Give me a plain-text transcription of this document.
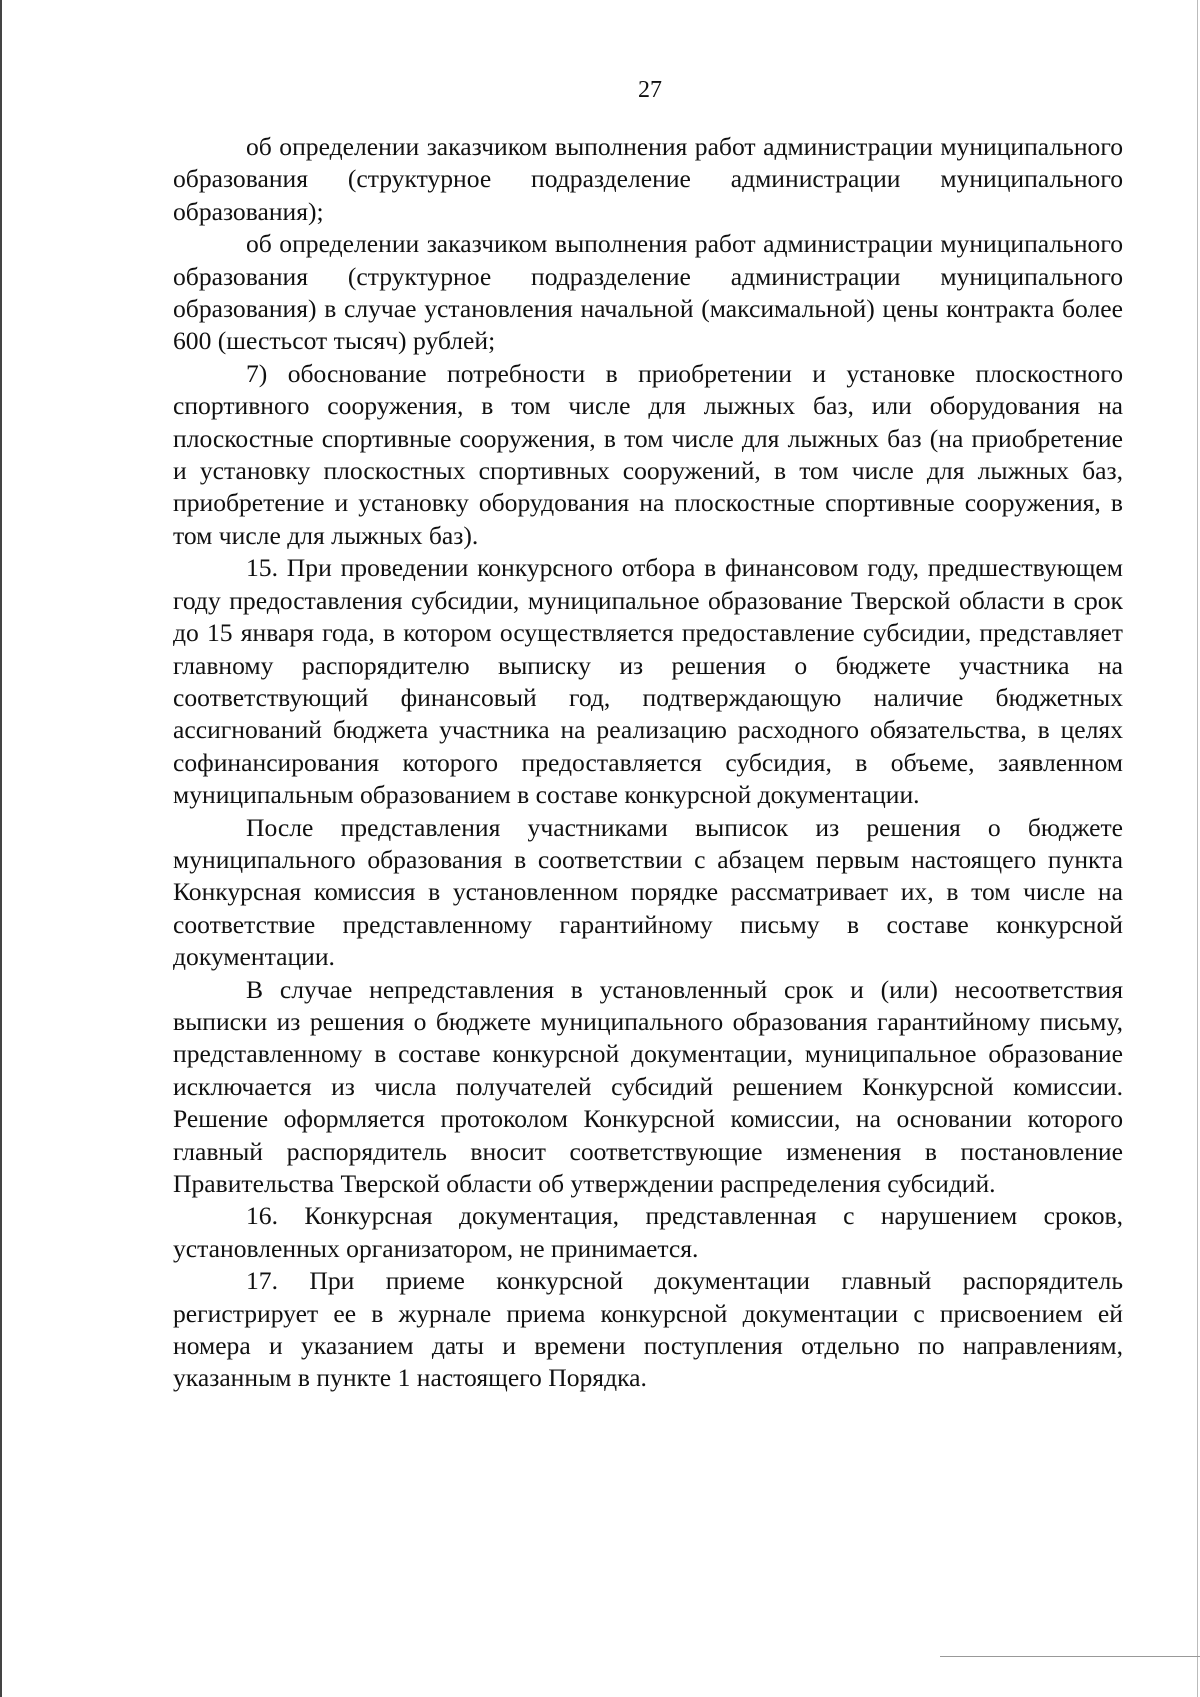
27

об определении заказчиком выполнения работ администрации муниципального образования (структурное подразделение администрации муниципального образования);

об определении заказчиком выполнения работ администрации муниципального образования (структурное подразделение администрации муниципального образования) в случае установления начальной (максимальной) цены контракта более 600 (шестьсот тысяч) рублей;

7) обоснование потребности в приобретении и установке плоскостного спортивного сооружения, в том числе для лыжных баз, или оборудования на плоскостные спортивные сооружения, в том числе для лыжных баз (на приобретение и установку плоскостных спортивных сооружений, в том числе для лыжных баз, приобретение и установку оборудования на плоскостные спортивные сооружения, в том числе для лыжных баз).

15. При проведении конкурсного отбора в финансовом году, предшествующем году предоставления субсидии, муниципальное образование Тверской области в срок до 15 января года, в котором осуществляется предоставление субсидии, представляет главному распорядителю выписку из решения о бюджете участника на соответствующий финансовый год, подтверждающую наличие бюджетных ассигнований бюджета участника на реализацию расходного обязательства, в целях софинансирования которого предоставляется субсидия, в объеме, заявленном муниципальным образованием в составе конкурсной документации.

После представления участниками выписок из решения о бюджете муниципального образования в соответствии с абзацем первым настоящего пункта Конкурсная комиссия в установленном порядке рассматривает их, в том числе на соответствие представленному гарантийному письму в составе конкурсной документации.

В случае непредставления в установленный срок и (или) несоответствия выписки из решения о бюджете муниципального образования гарантийному письму, представленному в составе конкурсной документации, муниципальное образование исключается из числа получателей субсидий решением Конкурсной комиссии. Решение оформляется протоколом Конкурсной комиссии, на основании которого главный распорядитель вносит соответствующие изменения в постановление Правительства Тверской области об утверждении распределения субсидий.

16. Конкурсная документация, представленная с нарушением сроков, установленных организатором, не принимается.

17. При приеме конкурсной документации главный распорядитель регистрирует ее в журнале приема конкурсной документации с присвоением ей номера и указанием даты и времени поступления отдельно по направлениям, указанным в пункте 1 настоящего Порядка.
